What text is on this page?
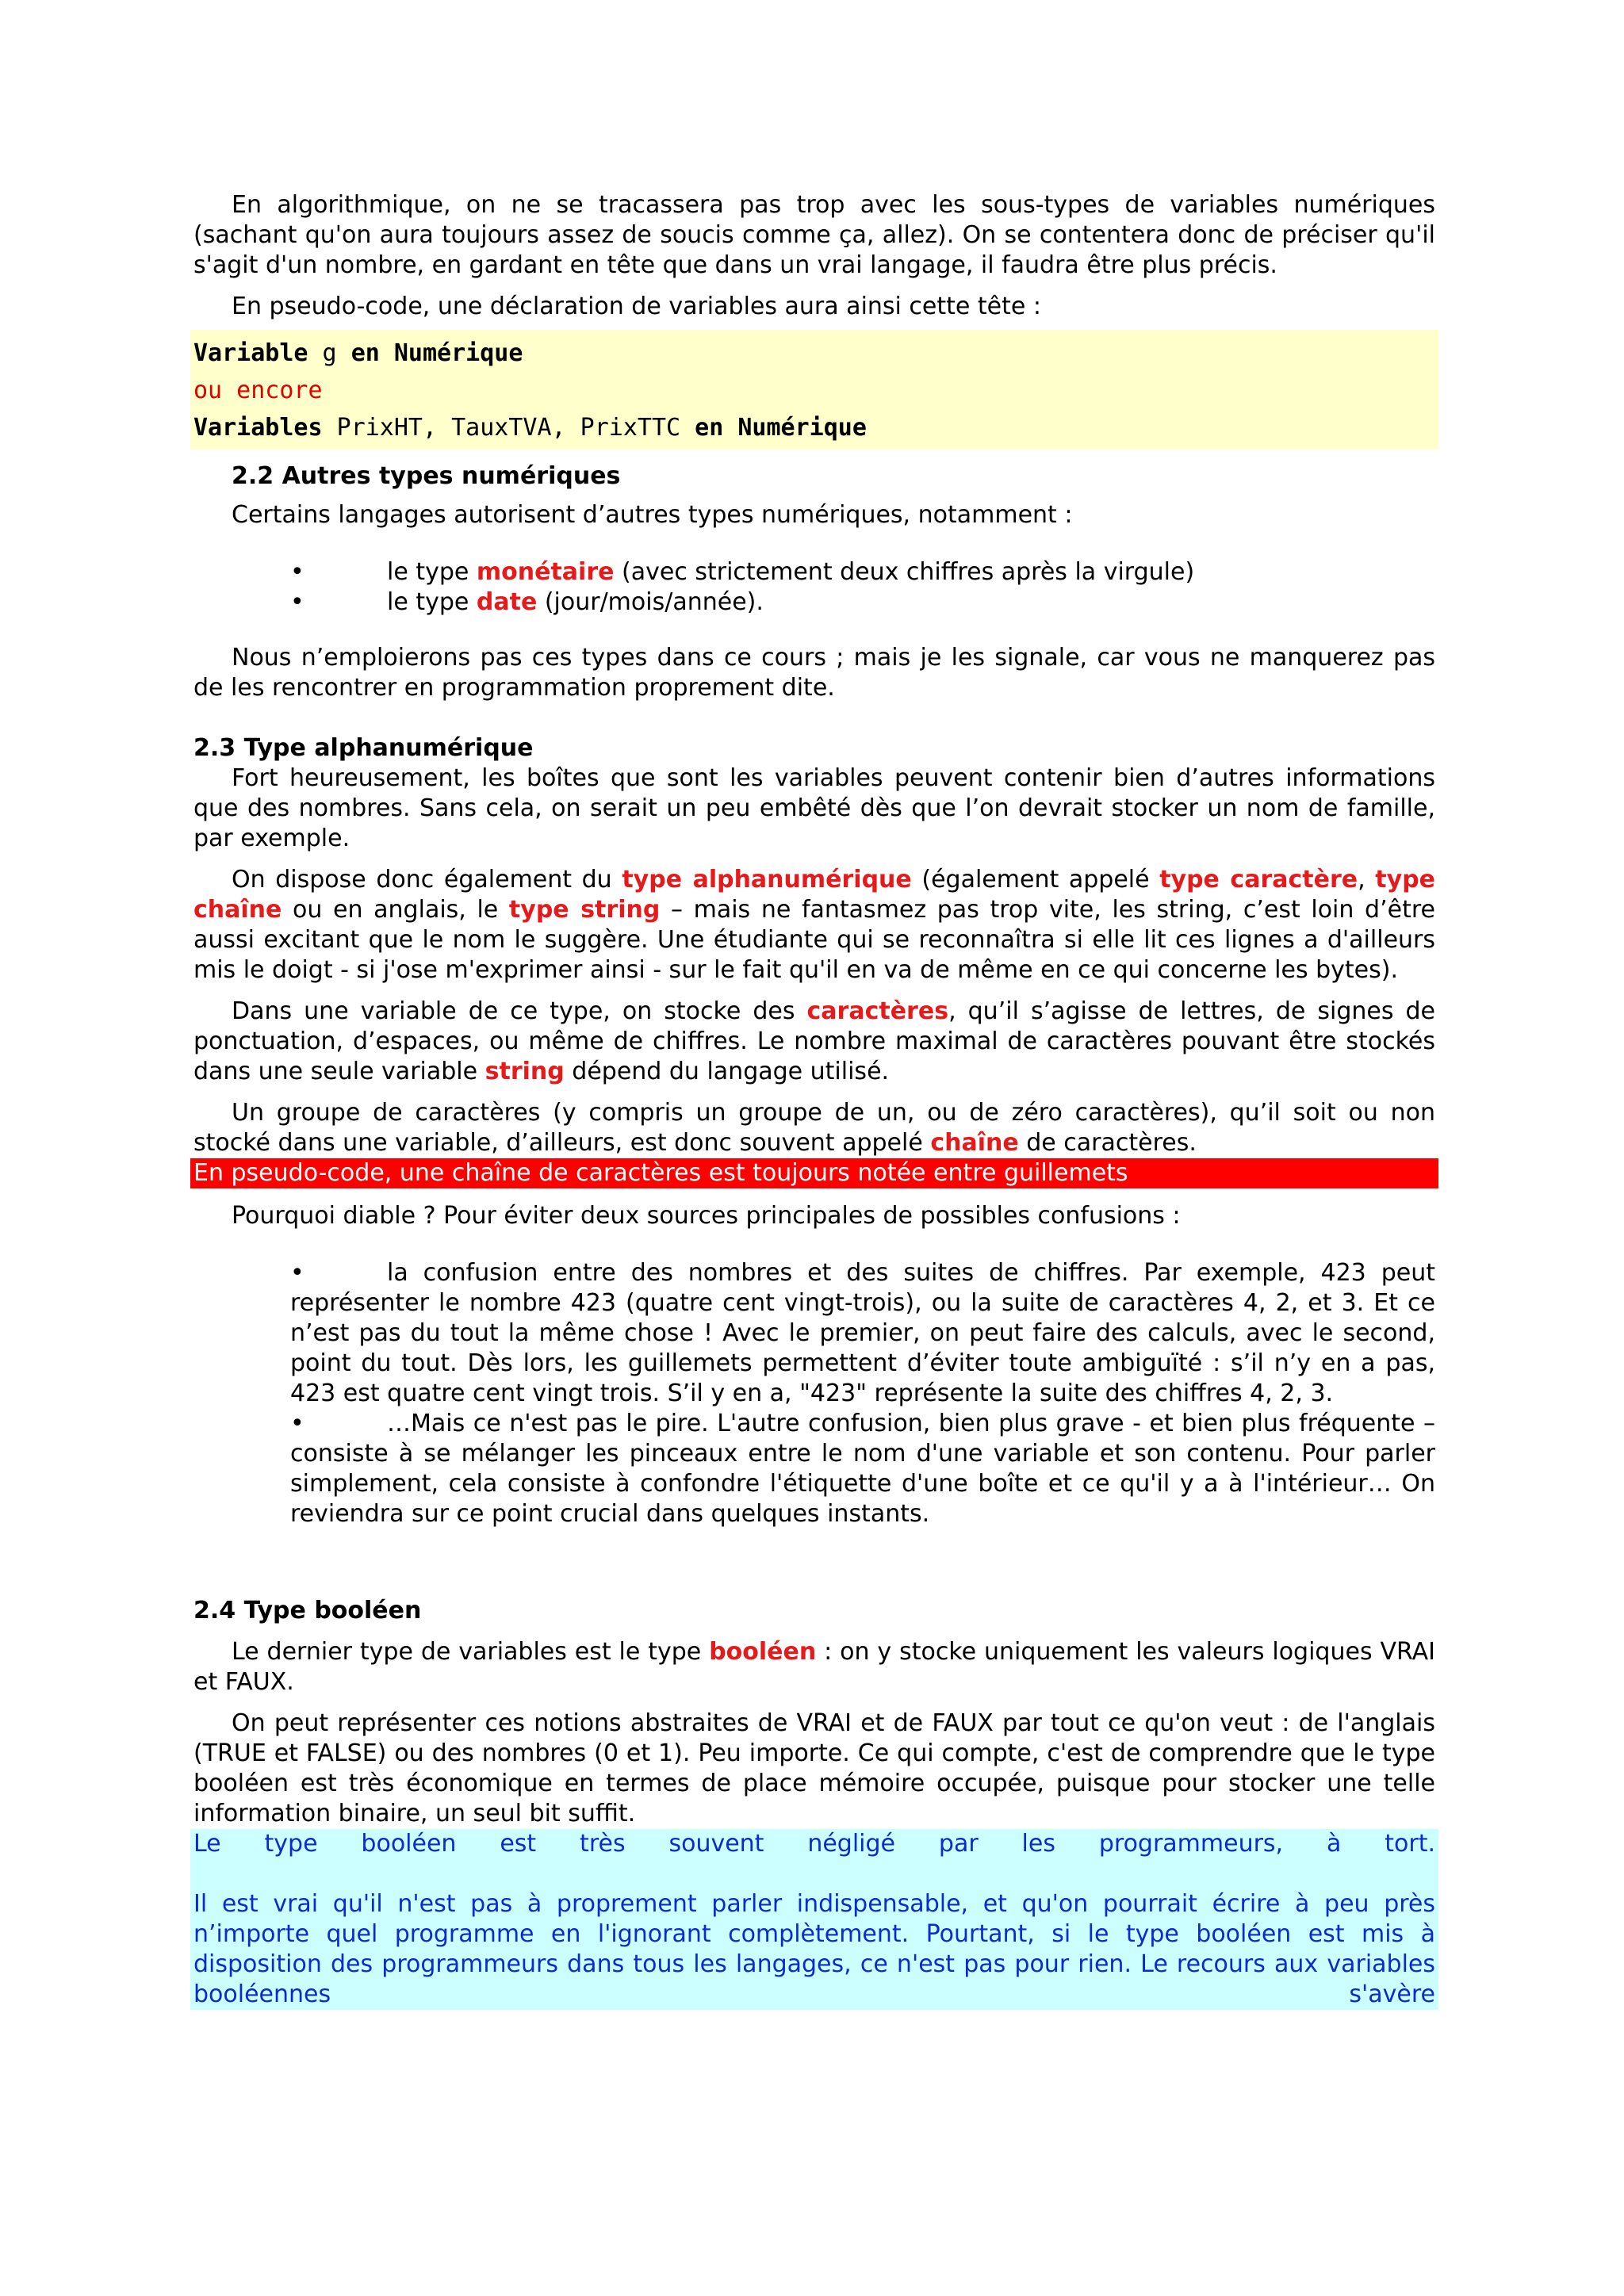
En algorithmique, on ne se tracassera pas trop avec les sous-types de variables numériques (sachant qu'on aura toujours assez de soucis comme ça, allez). On se contentera donc de préciser qu'il s'agit d'un nombre, en gardant en tête que dans un vrai langage, il faudra être plus précis.

En pseudo-code, une déclaration de variables aura ainsi cette tête :

Variable g en Numérique
ou encore
Variables PrixHT, TauxTVA, PrixTTC en Numérique

2.2 Autres types numériques

Certains langages autorisent d’autres types numériques, notamment :

•	le type monétaire (avec strictement deux chiffres après la virgule)
•	le type date (jour/mois/année).

Nous n’emploierons pas ces types dans ce cours ; mais je les signale, car vous ne manquerez pas de les rencontrer en programmation proprement dite.

2.3 Type alphanumérique

Fort heureusement, les boîtes que sont les variables peuvent contenir bien d’autres informations que des nombres. Sans cela, on serait un peu embêté dès que l’on devrait stocker un nom de famille, par exemple.

On dispose donc également du type alphanumérique (également appelé type caractère, type chaîne ou en anglais, le type string – mais ne fantasmez pas trop vite, les string, c’est loin d’être aussi excitant que le nom le suggère. Une étudiante qui se reconnaîtra si elle lit ces lignes a d'ailleurs mis le doigt - si j'ose m'exprimer ainsi - sur le fait qu'il en va de même en ce qui concerne les bytes).

Dans une variable de ce type, on stocke des caractères, qu’il s’agisse de lettres, de signes de ponctuation, d’espaces, ou même de chiffres. Le nombre maximal de caractères pouvant être stockés dans une seule variable string dépend du langage utilisé.

Un groupe de caractères (y compris un groupe de un, ou de zéro caractères), qu’il soit ou non stocké dans une variable, d’ailleurs, est donc souvent appelé chaîne de caractères.

En pseudo-code, une chaîne de caractères est toujours notée entre guillemets

Pourquoi diable ? Pour éviter deux sources principales de possibles confusions :

•	la confusion entre des nombres et des suites de chiffres. Par exemple, 423 peut représenter le nombre 423 (quatre cent vingt-trois), ou la suite de caractères 4, 2, et 3. Et ce n’est pas du tout la même chose ! Avec le premier, on peut faire des calculs, avec le second, point du tout. Dès lors, les guillemets permettent d’éviter toute ambiguïté : s’il n’y en a pas, 423 est quatre cent vingt trois. S’il y en a, "423" représente la suite des chiffres 4, 2, 3.

•	…Mais ce n'est pas le pire. L'autre confusion, bien plus grave - et bien plus fréquente – consiste à se mélanger les pinceaux entre le nom d'une variable et son contenu. Pour parler simplement, cela consiste à confondre l'étiquette d'une boîte et ce qu'il y a à l'intérieur… On reviendra sur ce point crucial dans quelques instants.

2.4 Type booléen

Le dernier type de variables est le type booléen : on y stocke uniquement les valeurs logiques VRAI et FAUX.

On peut représenter ces notions abstraites de VRAI et de FAUX par tout ce qu'on veut : de l'anglais (TRUE et FALSE) ou des nombres (0 et 1). Peu importe. Ce qui compte, c'est de comprendre que le type booléen est très économique en termes de place mémoire occupée, puisque pour stocker une telle information binaire, un seul bit suffit.

Le type booléen est très souvent négligé par les programmeurs, à tort.
Il est vrai qu'il n'est pas à proprement parler indispensable, et qu'on pourrait écrire à peu près n’importe quel programme en l'ignorant complètement. Pourtant, si le type booléen est mis à disposition des programmeurs dans tous les langages, ce n'est pas pour rien. Le recours aux variables booléennes s'avère
